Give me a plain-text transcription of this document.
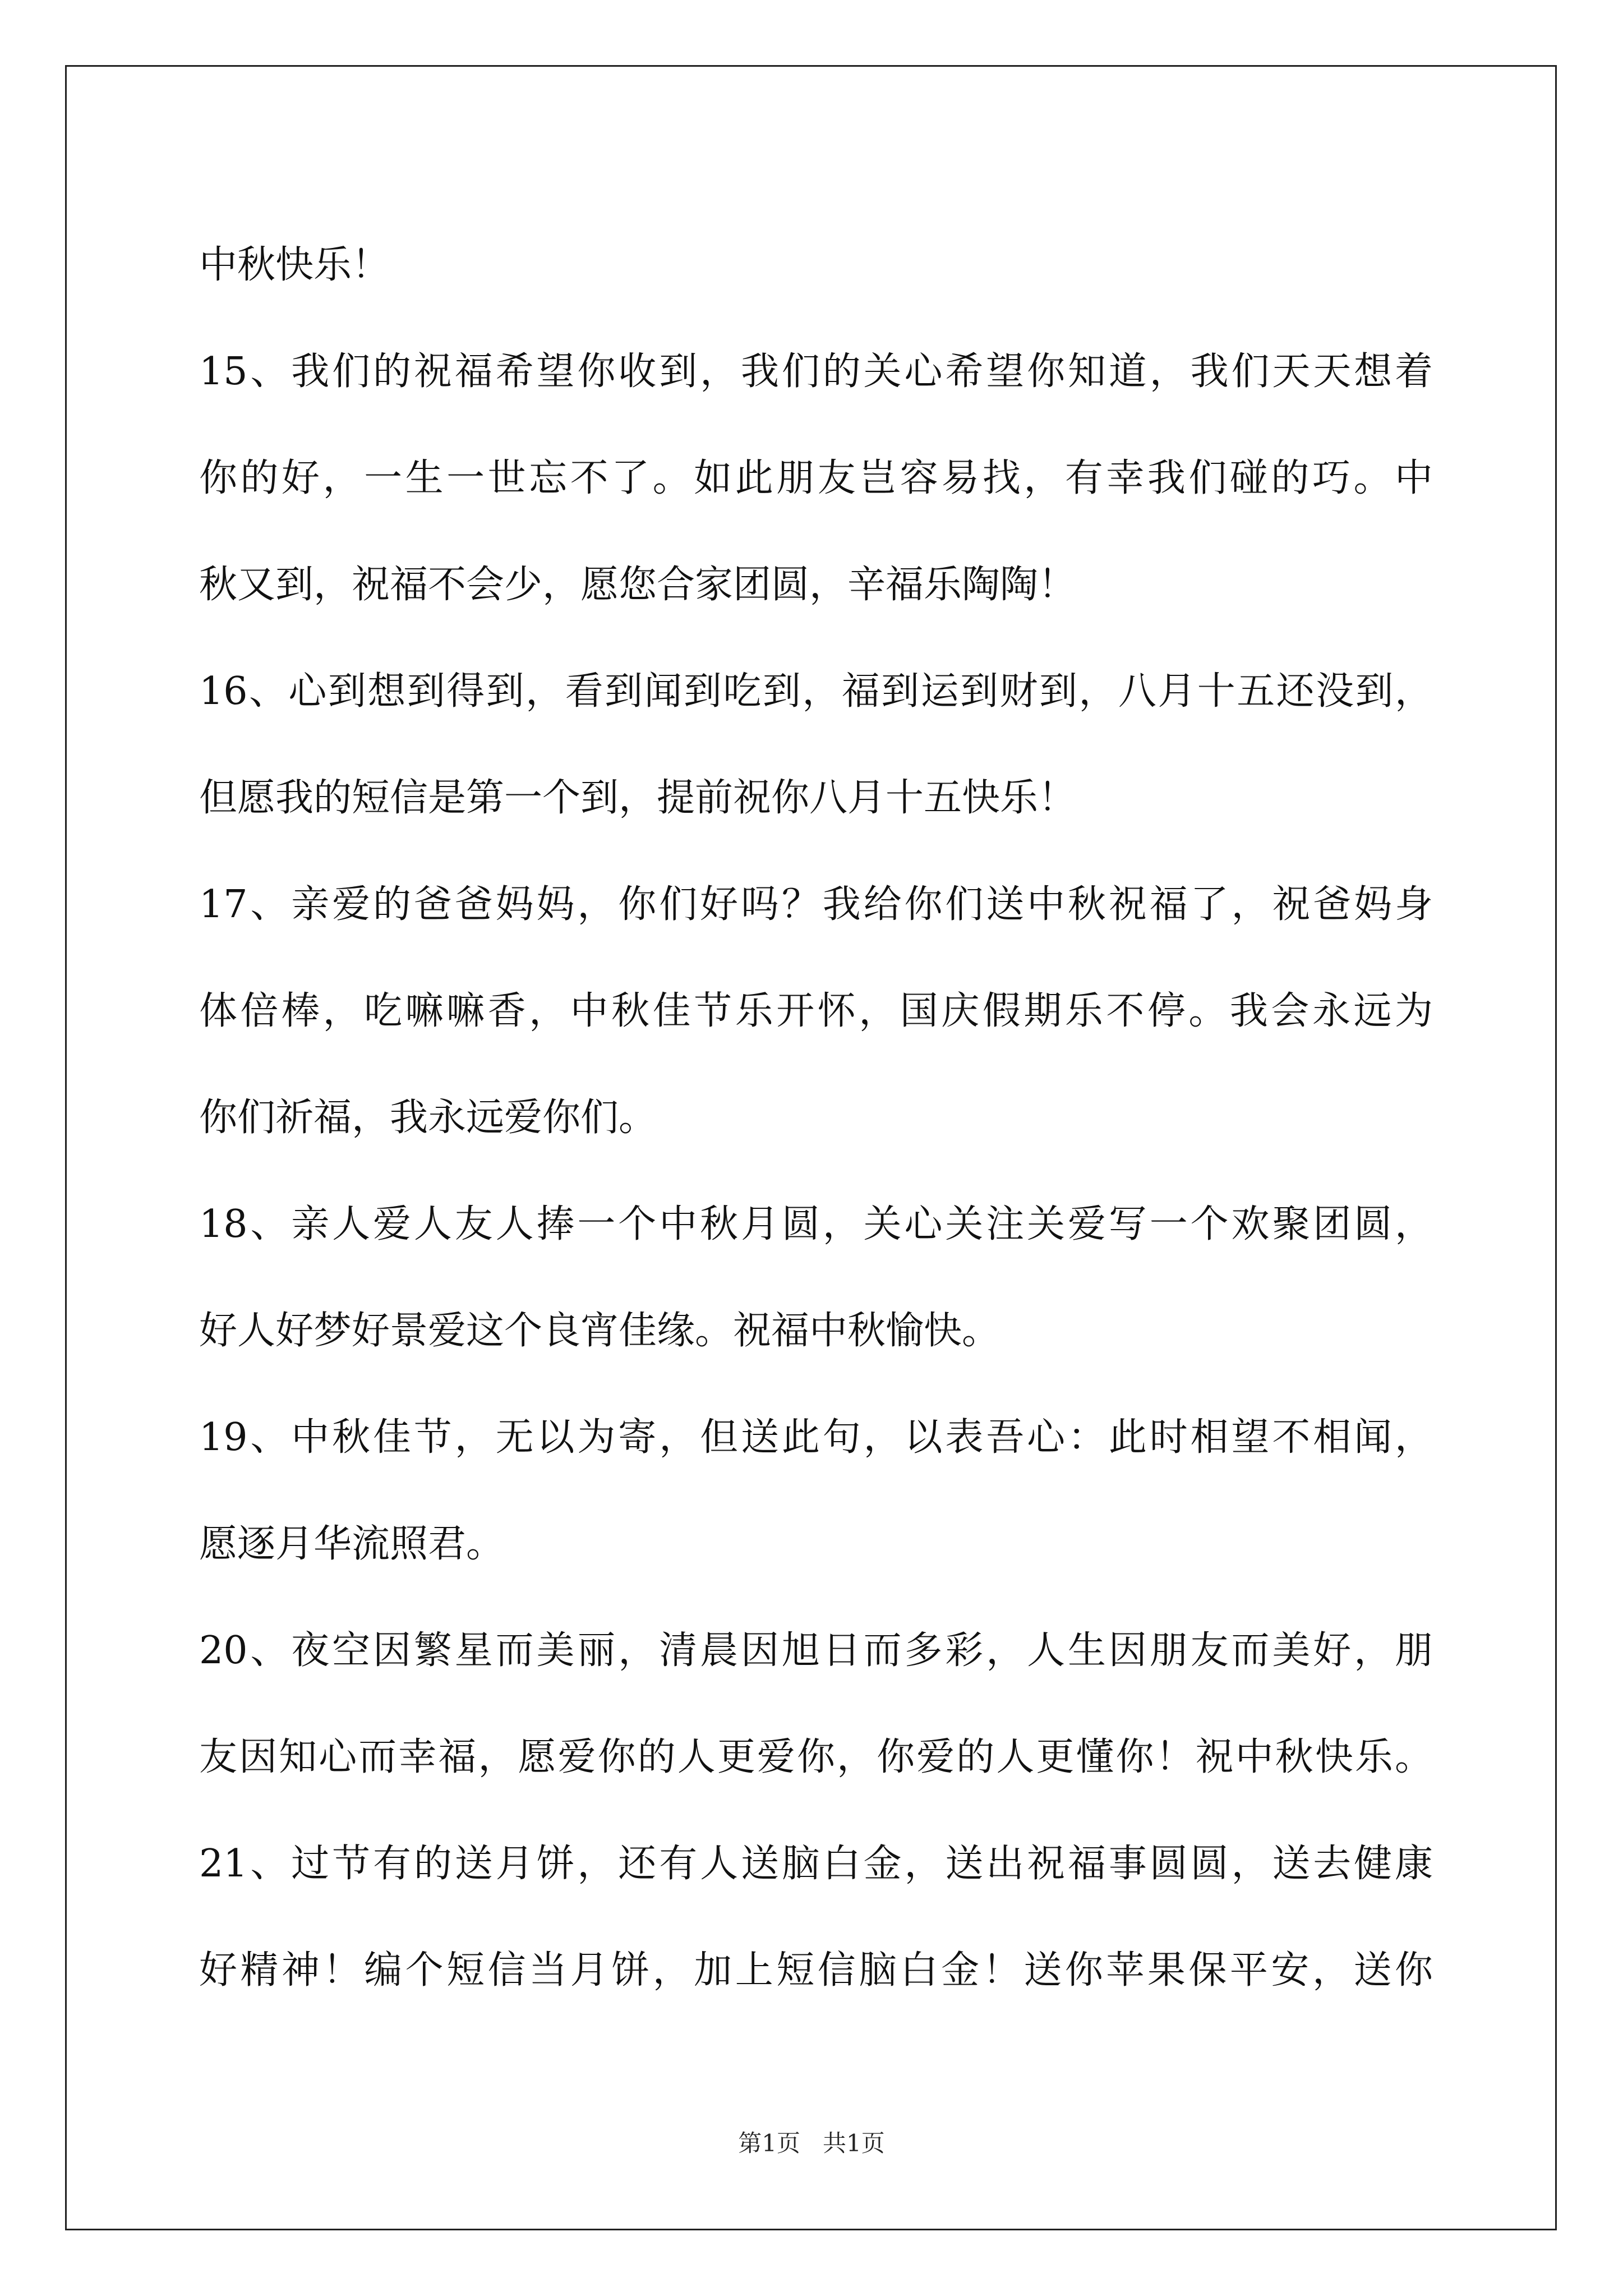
中秋快乐！
15、我们的祝福希望你收到，我们的关心希望你知道，我们天天想着
你的好，一生一世忘不了。如此朋友岂容易找，有幸我们碰的巧。中
秋又到，祝福不会少，愿您合家团圆，辛福乐陶陶！
16、心到想到得到，看到闻到吃到，福到运到财到，八月十五还没到，
但愿我的短信是第一个到，提前祝你八月十五快乐！
17、亲爱的爸爸妈妈，你们好吗？我给你们送中秋祝福了，祝爸妈身
体倍棒，吃嘛嘛香，中秋佳节乐开怀，国庆假期乐不停。我会永远为
你们祈福，我永远爱你们。
18、亲人爱人友人捧一个中秋月圆，关心关注关爱写一个欢聚团圆，
好人好梦好景爱这个良宵佳缘。祝福中秋愉快。
19、中秋佳节，无以为寄，但送此句，以表吾心：此时相望不相闻，
愿逐月华流照君。
20、夜空因繁星而美丽，清晨因旭日而多彩，人生因朋友而美好，朋
友因知心而幸福，愿爱你的人更爱你，你爱的人更懂你！祝中秋快乐。
21、过节有的送月饼，还有人送脑白金，送出祝福事圆圆，送去健康
好精神！编个短信当月饼，加上短信脑白金！送你苹果保平安，送你
第1页   共1页
